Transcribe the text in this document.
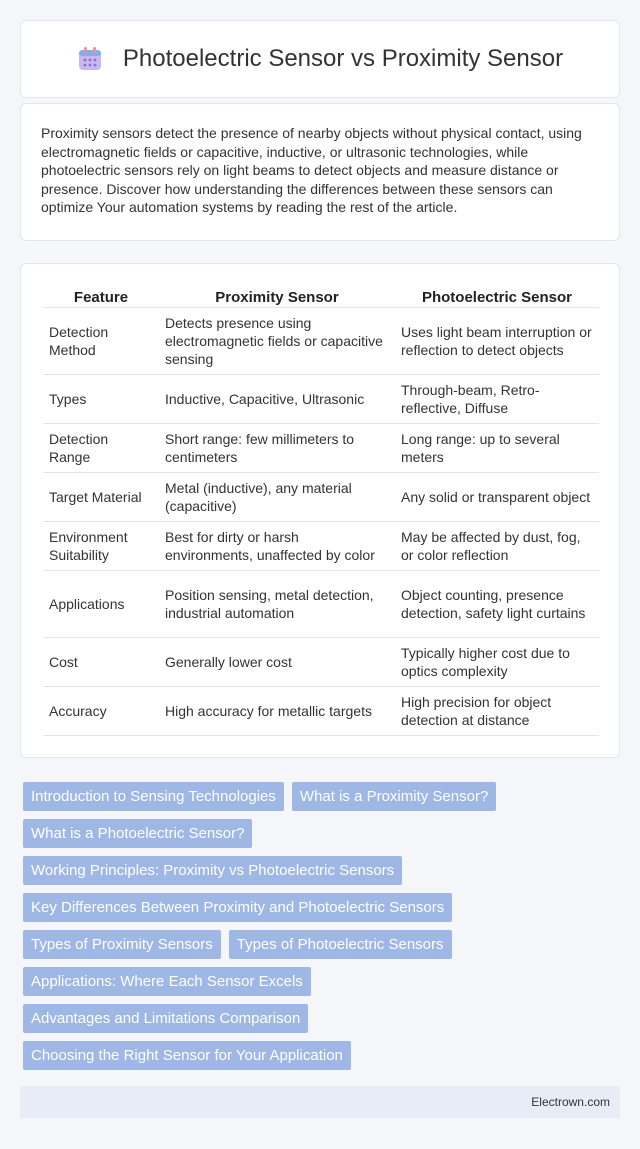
Photoelectric Sensor vs Proximity Sensor

Proximity sensors detect the presence of nearby objects without physical contact, using electromagnetic fields or capacitive, inductive, or ultrasonic technologies, while photoelectric sensors rely on light beams to detect objects and measure distance or presence. Discover how understanding the differences between these sensors can optimize Your automation systems by reading the rest of the article.

Feature	Proximity Sensor	Photoelectric Sensor
Detection Method	Detects presence using electromagnetic fields or capacitive sensing	Uses light beam interruption or reflection to detect objects
Types	Inductive, Capacitive, Ultrasonic	Through-beam, Retro-reflective, Diffuse
Detection Range	Short range: few millimeters to centimeters	Long range: up to several meters
Target Material	Metal (inductive), any material (capacitive)	Any solid or transparent object
Environment Suitability	Best for dirty or harsh environments, unaffected by color	May be affected by dust, fog, or color reflection
Applications	Position sensing, metal detection, industrial automation	Object counting, presence detection, safety light curtains
Cost	Generally lower cost	Typically higher cost due to optics complexity
Accuracy	High accuracy for metallic targets	High precision for object detection at distance
Introduction to Sensing Technologies	What is a Proximity Sensor?
What is a Photoelectric Sensor?
Working Principles: Proximity vs Photoelectric Sensors
Key Differences Between Proximity and Photoelectric Sensors
Types of Proximity Sensors	Types of Photoelectric Sensors
Applications: Where Each Sensor Excels
Advantages and Limitations Comparison
Choosing the Right Sensor for Your Application
Electrown.com
